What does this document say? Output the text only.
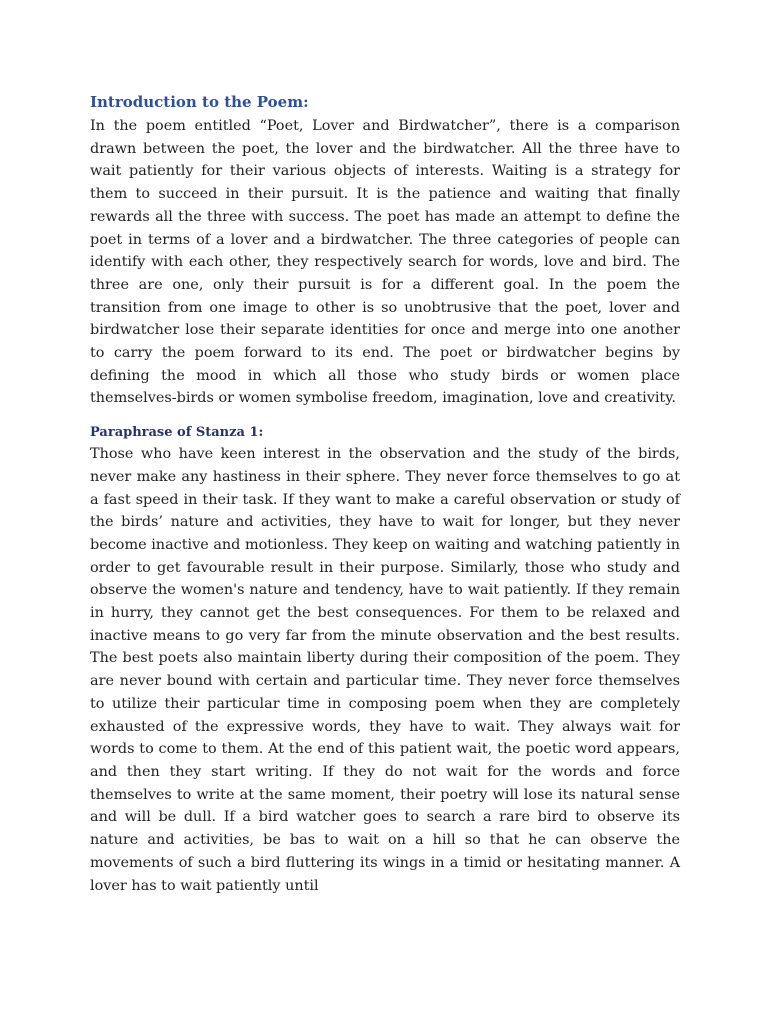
Introduction to the Poem:

In the poem entitled “Poet, Lover and Birdwatcher”, there is a comparison drawn between the poet, the lover and the birdwatcher. All the three have to wait patiently for their various objects of interests. Waiting is a strategy for them to succeed in their pursuit. It is the patience and waiting that finally rewards all the three with success. The poet has made an attempt to define the poet in terms of a lover and a birdwatcher. The three categories of people can identify with each other, they respectively search for words, love and bird. The three are one, only their pursuit is for a different goal. In the poem the transition from one image to other is so unobtrusive that the poet, lover and birdwatcher lose their separate identities for once and merge into one another to carry the poem forward to its end. The poet or birdwatcher begins by defining the mood in which all those who study birds or women place themselves-birds or women symbolise freedom, imagination, love and creativity.

Paraphrase of Stanza 1:

Those who have keen interest in the observation and the study of the birds, never make any hastiness in their sphere. They never force themselves to go at a fast speed in their task. If they want to make a careful observation or study of the birds’ nature and activities, they have to wait for longer, but they never become inactive and motionless. They keep on waiting and watching patiently in order to get favourable result in their purpose. Similarly, those who study and observe the women's nature and tendency, have to wait patiently. If they remain in hurry, they cannot get the best consequences. For them to be relaxed and inactive means to go very far from the minute observation and the best results. The best poets also maintain liberty during their composition of the poem. They are never bound with certain and particular time. They never force themselves to utilize their particular time in composing poem when they are completely exhausted of the expressive words, they have to wait. They always wait for words to come to them. At the end of this patient wait, the poetic word appears, and then they start writing. If they do not wait for the words and force themselves to write at the same moment, their poetry will lose its natural sense and will be dull. If a bird watcher goes to search a rare bird to observe its nature and activities, be bas to wait on a hill so that he can observe the movements of such a bird fluttering its wings in a timid or hesitating manner. A lover has to wait patiently until
